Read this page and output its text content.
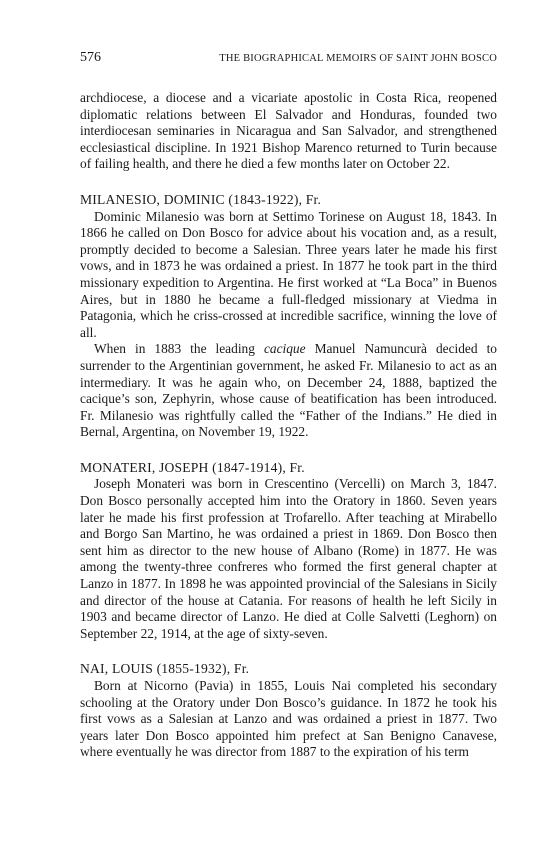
576	THE BIOGRAPHICAL MEMOIRS OF SAINT JOHN BOSCO

archdiocese, a diocese and a vicariate apostolic in Costa Rica, reopened diplomatic relations between El Salvador and Honduras, founded two interdiocesan seminaries in Nicaragua and San Salvador, and strengthened ecclesiastical discipline. In 1921 Bishop Marenco returned to Turin because of failing health, and there he died a few months later on October 22.

MILANESIO, DOMINIC (1843-1922), Fr.

Dominic Milanesio was born at Settimo Torinese on August 18, 1843. In 1866 he called on Don Bosco for advice about his vocation and, as a result, promptly decided to become a Salesian. Three years later he made his first vows, and in 1873 he was ordained a priest. In 1877 he took part in the third missionary expedition to Argentina. He first worked at “La Boca” in Buenos Aires, but in 1880 he became a full-fledged missionary at Viedma in Patagonia, which he criss-crossed at incredible sacrifice, winning the love of all.

When in 1883 the leading cacique Manuel Namuncurà decided to surrender to the Argentinian government, he asked Fr. Milanesio to act as an intermediary. It was he again who, on December 24, 1888, baptized the cacique’s son, Zephyrin, whose cause of beatification has been introduced. Fr. Milanesio was rightfully called the “Father of the Indians.” He died in Bernal, Argentina, on November 19, 1922.

MONATERI, JOSEPH (1847-1914), Fr.

Joseph Monateri was born in Crescentino (Vercelli) on March 3, 1847. Don Bosco personally accepted him into the Oratory in 1860. Seven years later he made his first profession at Trofarello. After teaching at Mirabello and Borgo San Martino, he was ordained a priest in 1869. Don Bosco then sent him as director to the new house of Albano (Rome) in 1877. He was among the twenty-three confreres who formed the first general chapter at Lanzo in 1877. In 1898 he was appointed provincial of the Salesians in Sicily and director of the house at Catania. For reasons of health he left Sicily in 1903 and became director of Lanzo. He died at Colle Salvetti (Leghorn) on September 22, 1914, at the age of sixty-seven.

NAI, LOUIS (1855-1932), Fr.

Born at Nicorno (Pavia) in 1855, Louis Nai completed his secondary schooling at the Oratory under Don Bosco’s guidance. In 1872 he took his first vows as a Salesian at Lanzo and was ordained a priest in 1877. Two years later Don Bosco appointed him prefect at San Benigno Canavese, where eventually he was director from 1887 to the expiration of his term
